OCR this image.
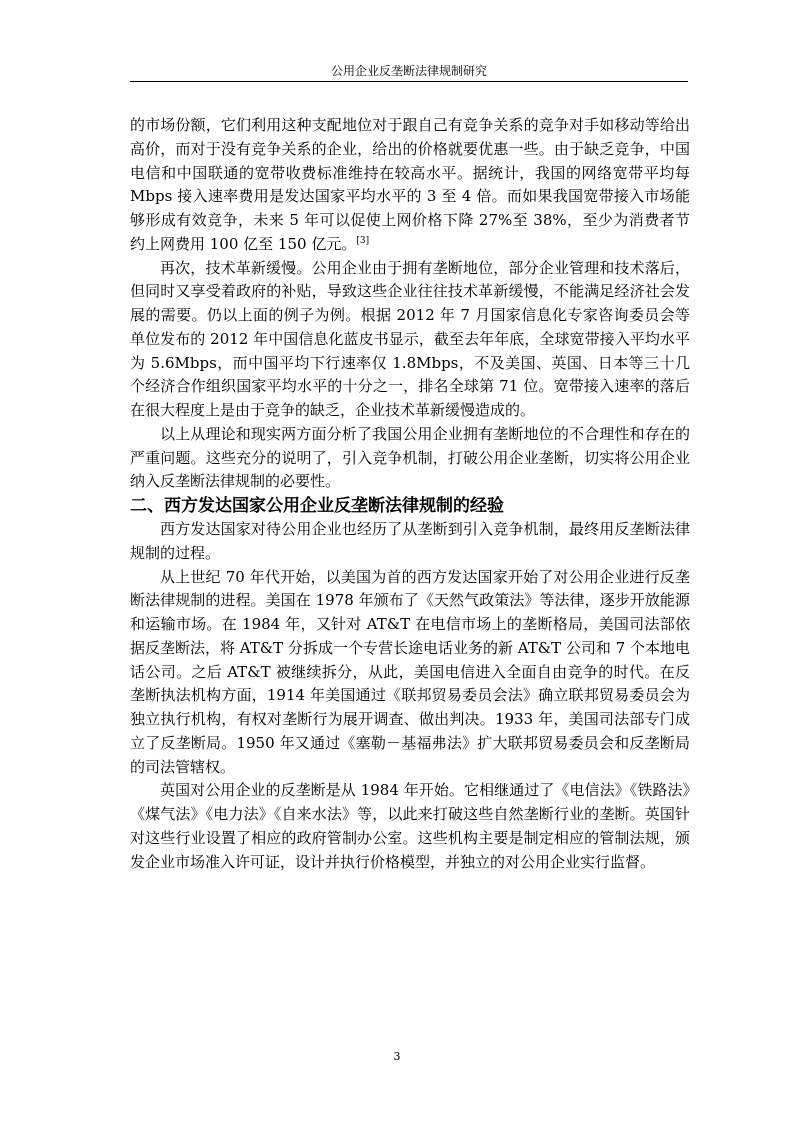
公用企业反垄断法律规制研究

的市场份额，它们利用这种支配地位对于跟自己有竞争关系的竞争对手如移动等给出高价，而对于没有竞争关系的企业，给出的价格就要优惠一些。由于缺乏竞争，中国电信和中国联通的宽带收费标准维持在较高水平。据统计，我国的网络宽带平均每 Mbps 接入速率费用是发达国家平均水平的 3 至 4 倍。而如果我国宽带接入市场能够形成有效竞争，未来 5 年可以促使上网价格下降 27%至 38%，至少为消费者节约上网费用 100 亿至 150 亿元。[3]

再次，技术革新缓慢。公用企业由于拥有垄断地位，部分企业管理和技术落后，但同时又享受着政府的补贴，导致这些企业往往技术革新缓慢，不能满足经济社会发展的需要。仍以上面的例子为例。根据 2012 年 7 月国家信息化专家咨询委员会等单位发布的 2012 年中国信息化蓝皮书显示，截至去年年底，全球宽带接入平均水平为 5.6Mbps，而中国平均下行速率仅 1.8Mbps，不及美国、英国、日本等三十几个经济合作组织国家平均水平的十分之一，排名全球第 71 位。宽带接入速率的落后在很大程度上是由于竞争的缺乏，企业技术革新缓慢造成的。

以上从理论和现实两方面分析了我国公用企业拥有垄断地位的不合理性和存在的严重问题。这些充分的说明了，引入竞争机制，打破公用企业垄断，切实将公用企业纳入反垄断法律规制的必要性。

二、西方发达国家公用企业反垄断法律规制的经验

西方发达国家对待公用企业也经历了从垄断到引入竞争机制，最终用反垄断法律规制的过程。

从上世纪 70 年代开始，以美国为首的西方发达国家开始了对公用企业进行反垄断法律规制的进程。美国在 1978 年颁布了《天然气政策法》等法律，逐步开放能源和运输市场。在 1984 年，又针对 AT&T 在电信市场上的垄断格局，美国司法部依据反垄断法，将 AT&T 分拆成一个专营长途电话业务的新 AT&T 公司和 7 个本地电话公司。之后 AT&T 被继续拆分，从此，美国电信进入全面自由竞争的时代。在反垄断执法机构方面，1914 年美国通过《联邦贸易委员会法》确立联邦贸易委员会为独立执行机构，有权对垄断行为展开调查、做出判决。1933 年，美国司法部专门成立了反垄断局。1950 年又通过《塞勒－基福弗法》扩大联邦贸易委员会和反垄断局的司法管辖权。

英国对公用企业的反垄断是从 1984 年开始。它相继通过了《电信法》《铁路法》《煤气法》《电力法》《自来水法》等，以此来打破这些自然垄断行业的垄断。英国针对这些行业设置了相应的政府管制办公室。这些机构主要是制定相应的管制法规，颁发企业市场准入许可证，设计并执行价格模型，并独立的对公用企业实行监督。

3
